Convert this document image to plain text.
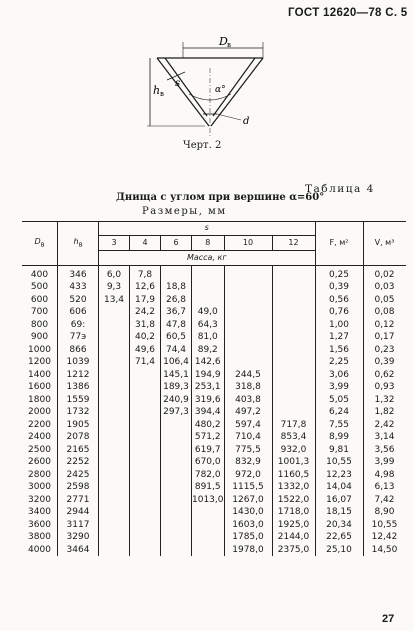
ГОСТ 12620—78 С. 5
D в
h в
s
α°
d
Черт. 2
Таблица 4
Днища с углом при вершине α=60°
Размеры, мм
$D_в$	$h_в$	s						F, м²	V, м³
		3	4	6	8	10	12		
		Масса, кг							
400	346	6,0	7,8					0,25	0,02
500	433	9,3	12,6	18,8				0,39	0,03
600	520	13,4	17,9	26,8				0,56	0,05
700	606		24,2	36,7	49,0			0,76	0,08
800	69:		31,8	47,8	64,3			1,00	0,12
900	77э		40,2	60,5	81,0			1,27	0,17
1000	866		49,6	74,4	89,2			1,56	0,23
1200	1039		71,4	106,4	142,6			2,25	0,39
1400	1212			145,1	194,9	244,5		3,06	0,62
1600	1386			189,3	253,1	318,8		3,99	0,93
1800	1559			240,9	319,6	403,8		5,05	1,32
2000	1732			297,3	394,4	497,2		6,24	1,82
2200	1905				480,2	597,4	717,8	7,55	2,42
2400	2078				571,2	710,4	853,4	8,99	3,14
2500	2165				619,7	775,5	932,0	9,81	3,56
2600	2252				670,0	832,9	1001,3	10,55	3,99
2800	2425				782,0	972,0	1160,5	12,23	4,98
3000	2598				891,5	1115,5	1332,0	14,04	6,13
3200	2771				1013,0	1267,0	1522,0	16,07	7,42
3400	2944					1430,0	1718,0	18,15	8,90
3600	3117					1603,0	1925,0	20,34	10,55
3800	3290					1785,0	2144,0	22,65	12,42
4000	3464					1978,0	2375,0	25,10	14,50
27
